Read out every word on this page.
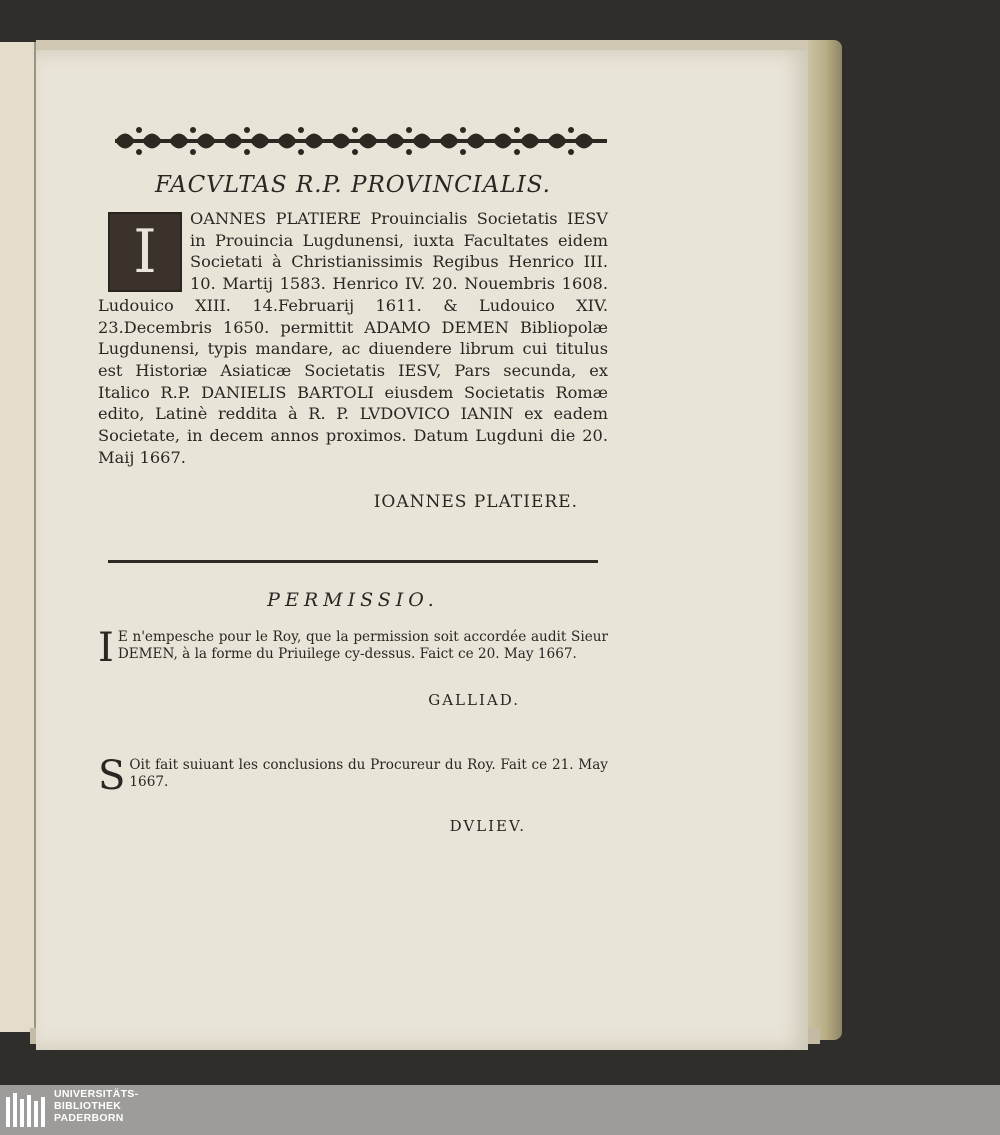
FACVLTAS R.P. PROVINCIALIS.
I	OANNES PLATIERE Prouincialis Societatis IESV in Prouincia Lugdunensi, iuxta Facultates eidem Societati à Christianissimis Regibus Henrico III. 10. Martij 1583. Henrico IV. 20. Nouembris 1608. Ludouico XIII. 14.Februarij 1611. & Ludouico XIV. 23.Decembris 1650. permittit ADAMO DEMEN Bibliopolæ Lugdunensi, typis mandare, ac diuendere librum cui titulus est Historiæ Asiaticæ Societatis IESV, Pars secunda, ex Italico R.P. DANIELIS BARTOLI eiusdem Societatis Romæ edito, Latinè reddita à R. P. LVDOVICO IANIN ex eadem Societate, in decem annos proximos. Datum Lugduni die 20. Maij 1667.
IOANNES PLATIERE.
PERMISSIO.
I E n'empesche pour le Roy, que la permission soit accordée audit Sieur DEMEN, à la forme du Priuilege cy-dessus. Faict ce 20. May 1667.
GALLIAD.
S Oit fait suiuant les conclusions du Procureur du Roy. Fait ce 21. May 1667.
DVLIEV.
UNIVERSITÄTS-
BIBLIOTHEK
PADERBORN
